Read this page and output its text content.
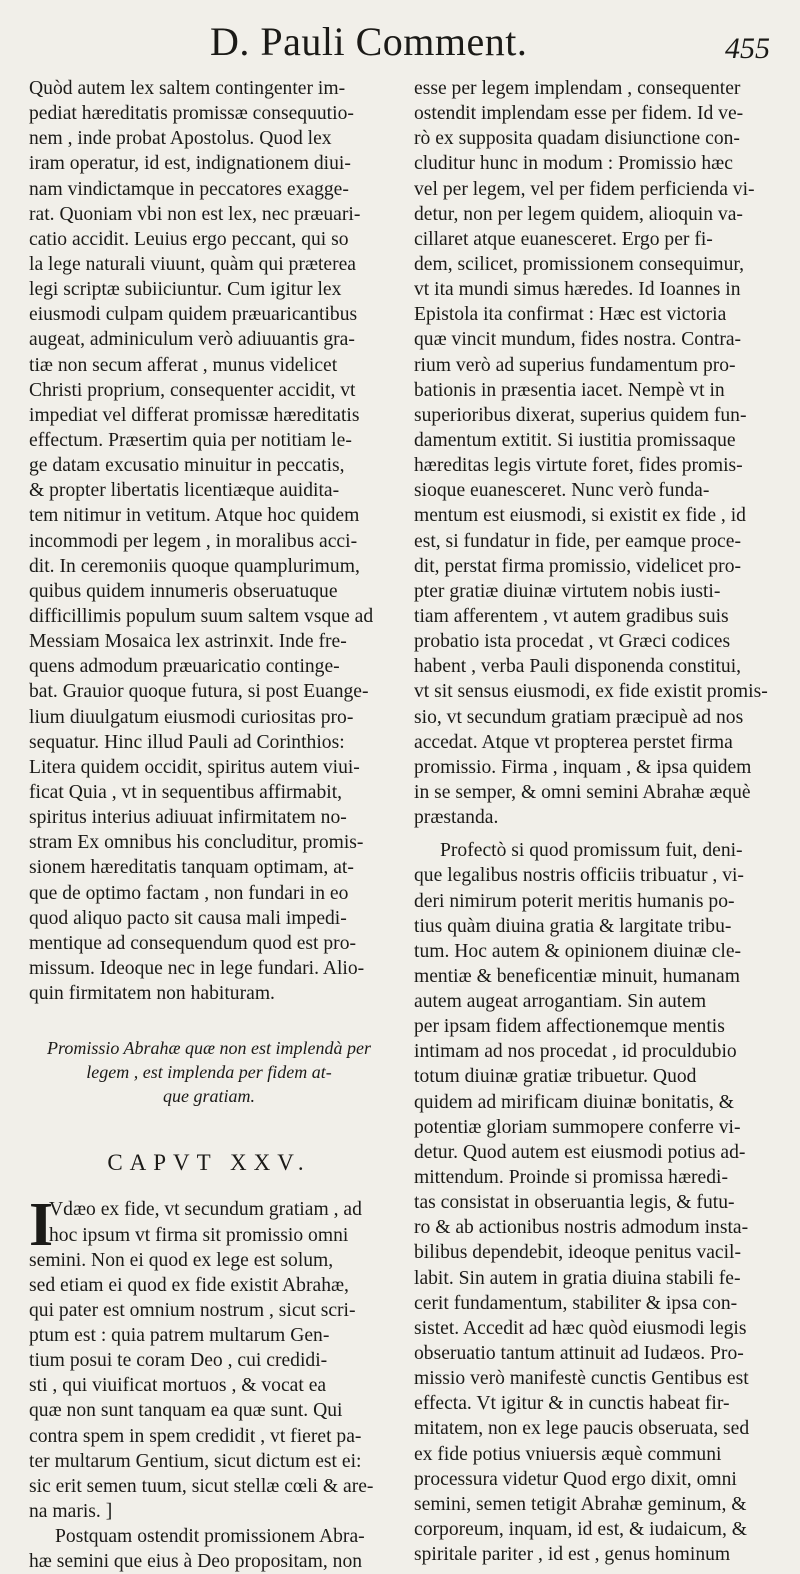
D. Pauli Comment.	455
Quòd autem lex saltem contingenter im-
pediat hæreditatis promissæ consequutio-
nem , inde probat Apostolus. Quod lex
iram operatur, id est, indignationem diui-
nam vindictamque in peccatores exagge-
rat. Quoniam vbi non est lex, nec præuari-
catio accidit. Leuius ergo peccant, qui so
la lege naturali viuunt, quàm qui præterea
legi scriptæ subiiciuntur. Cum igitur lex
eiusmodi culpam quidem præuaricantibus
augeat, adminiculum verò adiuuantis gra-
tiæ non secum afferat , munus videlicet
Christi proprium, consequenter accidit, vt
impediat vel differat promissæ hæreditatis
effectum. Præsertim quia per notitiam le-
ge datam excusatio minuitur in peccatis,
& propter libertatis licentiæque auidita-
tem nitimur in vetitum. Atque hoc quidem
incommodi per legem , in moralibus acci-
dit. In ceremoniis quoque quamplurimum,
quibus quidem innumeris obseruatuque
difficillimis populum suum saltem vsque ad
Messiam Mosaica lex astrinxit. Inde fre-
quens admodum præuaricatio continge-
bat. Grauior quoque futura, si post Euange-
lium diuulgatum eiusmodi curiositas pro-
sequatur. Hinc illud Pauli ad Corinthios:
Litera quidem occidit, spiritus autem viui-
ficat Quia , vt in sequentibus affirmabit,
spiritus interius adiuuat infirmitatem no-
stram Ex omnibus his concluditur, promis-
sionem hæreditatis tanquam optimam, at-
que de optimo factam , non fundari in eo
quod aliquo pacto sit causa mali impedi-
mentique ad consequendum quod est pro-
missum. Ideoque nec in lege fundari. Alio-
quin firmitatem non habituram.
Promissio Abrahæ quæ non est implendà per
legem , est implenda per fidem at-
que gratiam.
CAPVT XXV.
I
Vdæo ex fide, vt secundum gratiam , ad
hoc ipsum vt firma sit promissio omni
semini. Non ei quod ex lege est solum,
sed etiam ei quod ex fide existit Abrahæ,
qui pater est omnium nostrum , sicut scri-
ptum est : quia patrem multarum Gen-
tium posui te coram Deo , cui credidi-
sti , qui viuificat mortuos , & vocat ea
quæ non sunt tanquam ea quæ sunt. Qui
contra spem in spem credidit , vt fieret pa-
ter multarum Gentium, sicut dictum est ei:
sic erit semen tuum, sicut stellæ cœli & are-
na maris. ]
Postquam ostendit promissionem Abra-
hæ semini que eius à Deo propositam, non
esse per legem implendam , consequenter
ostendit implendam esse per fidem. Id ve-
rò ex supposita quadam disiunctione con-
cluditur hunc in modum : Promissio hæc
vel per legem, vel per fidem perficienda vi-
detur, non per legem quidem, alioquin va-
cillaret atque euanesceret. Ergo per fi-
dem, scilicet, promissionem consequimur,
vt ita mundi simus hæredes. Id Ioannes in
Epistola ita confirmat : Hæc est victoria
quæ vincit mundum, fides nostra. Contra-
rium verò ad superius fundamentum pro-
bationis in præsentia iacet. Nempè vt in
superioribus dixerat, superius quidem fun-
damentum extitit. Si iustitia promissaque
hæreditas legis virtute foret, fides promis-
sioque euanesceret. Nunc verò funda-
mentum est eiusmodi, si existit ex fide , id
est, si fundatur in fide, per eamque proce-
dit, perstat firma promissio, videlicet pro-
pter gratiæ diuinæ virtutem nobis iusti-
tiam afferentem , vt autem gradibus suis
probatio ista procedat , vt Græci codices
habent , verba Pauli disponenda constitui,
vt sit sensus eiusmodi, ex fide existit promis-
sio, vt secundum gratiam præcipuè ad nos
accedat. Atque vt propterea perstet firma
promissio. Firma , inquam , & ipsa quidem
in se semper, & omni semini Abrahæ æquè
præstanda.
Profectò si quod promissum fuit, deni-
que legalibus nostris officiis tribuatur , vi-
deri nimirum poterit meritis humanis po-
tius quàm diuina gratia & largitate tribu-
tum. Hoc autem & opinionem diuinæ cle-
mentiæ & beneficentiæ minuit, humanam
autem augeat arrogantiam. Sin autem
per ipsam fidem affectionemque mentis
intimam ad nos procedat , id proculdubio
totum diuinæ gratiæ tribuetur. Quod
quidem ad mirificam diuinæ bonitatis, &
potentiæ gloriam summopere conferre vi-
detur. Quod autem est eiusmodi potius ad-
mittendum. Proinde si promissa hæredi-
tas consistat in obseruantia legis, & futu-
ro & ab actionibus nostris admodum insta-
bilibus dependebit, ideoque penitus vacil-
labit. Sin autem in gratia diuina stabili fe-
cerit fundamentum, stabiliter & ipsa con-
sistet. Accedit ad hæc quòd eiusmodi legis
obseruatio tantum attinuit ad Iudæos. Pro-
missio verò manifestè cunctis Gentibus est
effecta. Vt igitur & in cunctis habeat fir-
mitatem, non ex lege paucis obseruata, sed
ex fide potius vniuersis æquè communi
processura videtur Quod ergo dixit, omni
semini, semen tetigit Abrahæ geminum, &
corporeum, inquam, id est, & iudaicum, &
spiritale pariter , id est , genus hominum
